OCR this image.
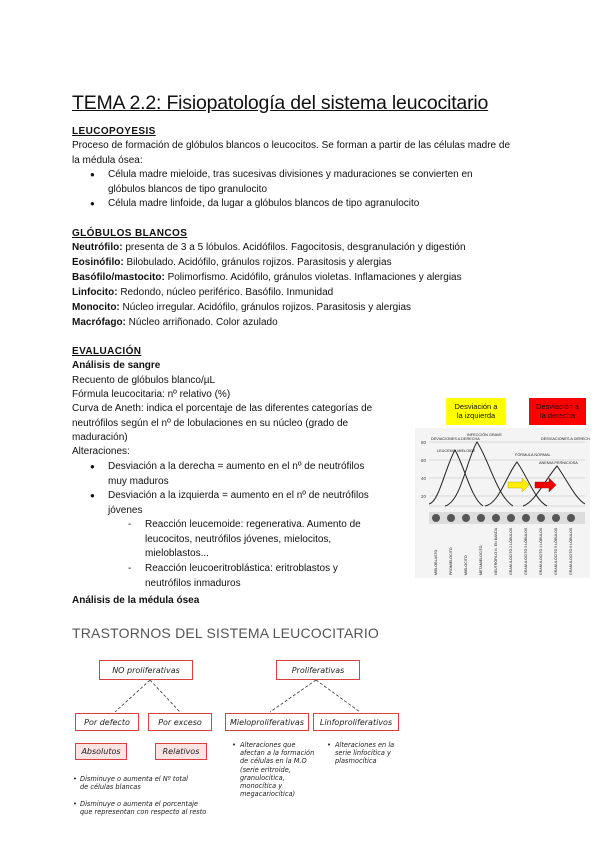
TEMA 2.2: Fisiopatología del sistema leucocitario
LEUCOPOYESIS
Proceso de formación de glóbulos blancos o leucocitos. Se forman a partir de las células madre de la médula ósea:
● Célula madre mieloide, tras sucesivas divisiones y maduraciones se convierten en glóbulos blancos de tipo granulocito
● Célula madre linfoide, da lugar a glóbulos blancos de tipo agranulocito
GLÓBULOS BLANCOS
Neutrófilo: presenta de 3 a 5 lóbulos. Acidófilos. Fagocitosis, desgranulación y digestión
Eosinófilo: Bilobulado. Acidófilo, gránulos rojizos. Parasitosis y alergias
Basófilo/mastocito: Polimorfismo. Acidófilo, gránulos violetas. Inflamaciones y alergias
Linfocito: Redondo, núcleo periférico. Basófilo. Inmunidad
Monocito: Núcleo irregular. Acidófilo, gránulos rojizos. Parasitosis y alergias
Macrófago: Núcleo arriñonado. Color azulado
EVALUACIÓN
Análisis de sangre
Recuento de glóbulos blanco/µL
Fórmula leucocitaria: nº relativo (%)
Curva de Aneth: indica el porcentaje de las diferentes categorías de neutrófilos según el nº de lobulaciones en su núcleo (grado de maduración)
Alteraciones:
● Desviación a la derecha = aumento en el nº de neutrófilos muy maduros
● Desviación a la izquierda = aumento en el nº de neutrófilos jóvenes
- Reacción leucemoide: regenerativa. Aumento de leucocitos, neutrófilos jóvenes, mielocitos, mieloblastos...
- Reacción leucoeritroblástica: eritroblastos y neutrófilos inmaduros
Análisis de la médula ósea
Desviación a la izquierda
Desviación a la derecha
80
60
40
20
DEVIACIONES A DERECHA
INFECCIÓN GRAVE
LEUCEMIA MIELOIDE
FÓRMULA NORMAL
ANEMIA PERNICIOSA
DESVIACIONES A DERECHA
MIELOBLASTO	PROMIELOCITO	MIELOCITO	METAMIELOCITO	NEUTRÓFILO N. EN BANDA	GRANULOCITO 2 LÓBULOS	GRANULOCITO 3 LÓBULOS	GRANULOCITO 4 LÓBULOS	GRANULOCITO 5 LÓBULOS	GRANULOCITO 6 LÓBULOS
TRASTORNOS DEL SISTEMA LEUCOCITARIO
NO proliferativas	Proliferativas
Por defecto	Por exceso	Mieloproliferativas	Linfoproliferativos
Absolutos	Relativos
• Disminuye o aumenta el Nº total de células blancas
• Disminuye o aumenta el porcentaje que representan con respecto al resto
• Alteraciones que afectan a la formación de células en la M.O (serie eritroide, granulocítica, monocítica y megacariocítica)
• Alteraciones en la serie linfocítica y plasmocítica
